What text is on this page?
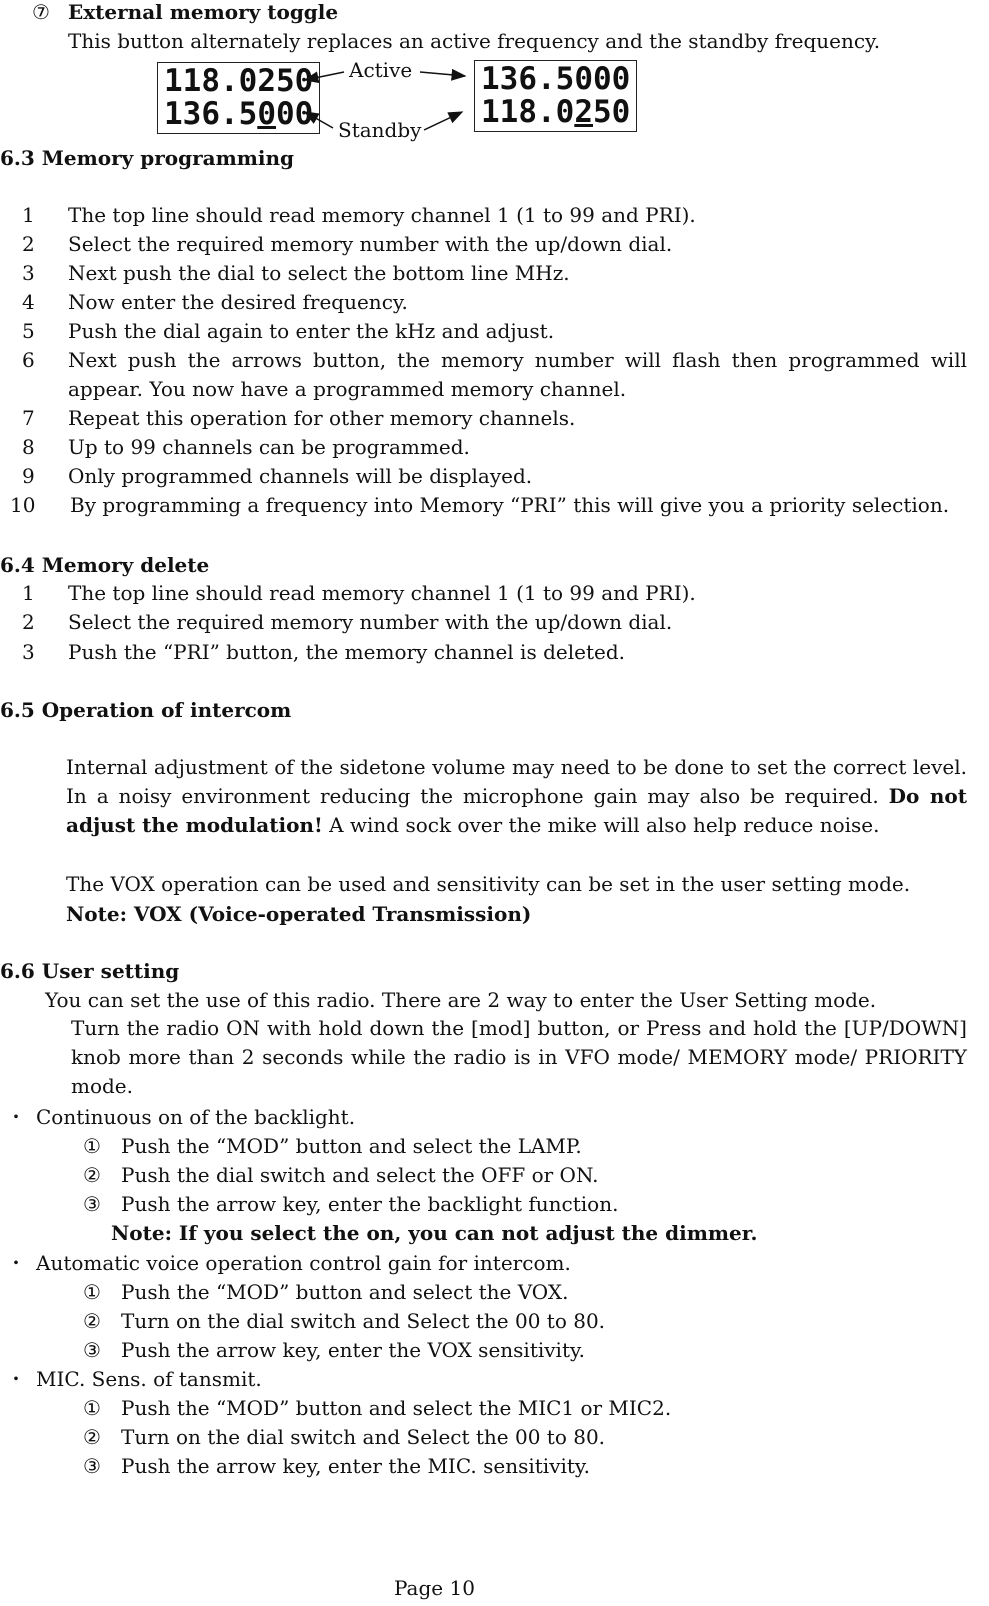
⑦ External memory toggle
This button alternately replaces an active frequency and the standby frequency.
118.0250
136.5000
136.5000
118.0250
Active
Standby
6.3 Memory programming
1 The top line should read memory channel 1 (1 to 99 and PRI).
2 Select the required memory number with the up/down dial.
3 Next push the dial to select the bottom line MHz.
4 Now enter the desired frequency.
5 Push the dial again to enter the kHz and adjust.
6 Next push the arrows button, the memory number will flash then programmed will appear. You now have a programmed memory channel.
7 Repeat this operation for other memory channels.
8 Up to 99 channels can be programmed.
9 Only programmed channels will be displayed.
10 By programming a frequency into Memory “PRI” this will give you a priority selection.
6.4 Memory delete
1 The top line should read memory channel 1 (1 to 99 and PRI).
2 Select the required memory number with the up/down dial.
3 Push the “PRI” button, the memory channel is deleted.
6.5 Operation of intercom
Internal adjustment of the sidetone volume may need to be done to set the correct level. In a noisy environment reducing the microphone gain may also be required. Do not adjust the modulation! A wind sock over the mike will also help reduce noise.
The VOX operation can be used and sensitivity can be set in the user setting mode.
Note: VOX (Voice-operated Transmission)
6.6 User setting
You can set the use of this radio. There are 2 way to enter the User Setting mode.
Turn the radio ON with hold down the [mod] button, or Press and hold the [UP/DOWN] knob more than 2 seconds while the radio is in VFO mode/ MEMORY mode/ PRIORITY mode.
・ Continuous on of the backlight.
① Push the “MOD” button and select the LAMP.
② Push the dial switch and select the OFF or ON.
③ Push the arrow key, enter the backlight function.
Note: If you select the on, you can not adjust the dimmer.
・ Automatic voice operation control gain for intercom.
① Push the “MOD” button and select the VOX.
② Turn on the dial switch and Select the 00 to 80.
③ Push the arrow key, enter the VOX sensitivity.
・ MIC. Sens. of tansmit.
① Push the “MOD” button and select the MIC1 or MIC2.
② Turn on the dial switch and Select the 00 to 80.
③ Push the arrow key, enter the MIC. sensitivity.
Page 10
